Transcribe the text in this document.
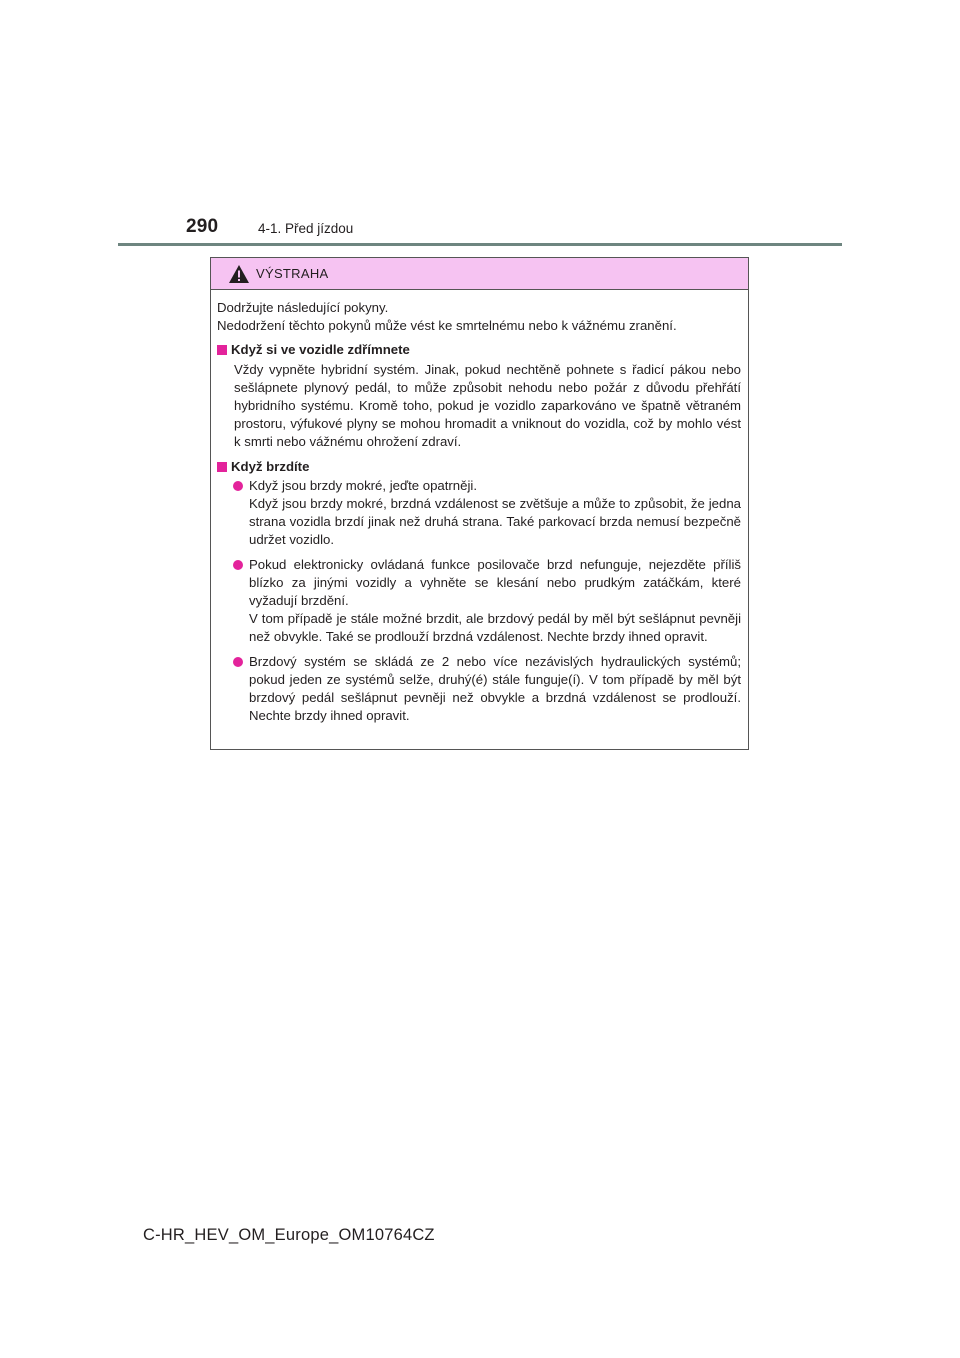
290	4-1. Před jízdou
VÝSTRAHA

Dodržujte následující pokyny.

Nedodržení těchto pokynů může vést ke smrtelnému nebo k vážnému zranění.

Když si ve vozidle zdřímnete

Vždy vypněte hybridní systém. Jinak, pokud nechtěně pohnete s řadicí pákou nebo sešlápnete plynový pedál, to může způsobit nehodu nebo požár z důvodu přehřátí hybridního systému. Kromě toho, pokud je vozidlo zaparkováno ve špatně větraném prostoru, výfukové plyny se mohou hromadit a vniknout do vozidla, což by mohlo vést k smrti nebo vážnému ohrožení zdraví.

Když brzdíte

Když jsou brzdy mokré, jeďte opatrněji.

Když jsou brzdy mokré, brzdná vzdálenost se zvětšuje a může to způsobit, že jedna strana vozidla brzdí jinak než druhá strana. Také parkovací brzda nemusí bezpečně udržet vozidlo.

Pokud elektronicky ovládaná funkce posilovače brzd nefunguje, nejezděte příliš blízko za jinými vozidly a vyhněte se klesání nebo prudkým zatáčkám, které vyžadují brzdění.

V tom případě je stále možné brzdit, ale brzdový pedál by měl být sešlápnut pevněji než obvykle. Také se prodlouží brzdná vzdálenost. Nechte brzdy ihned opravit.

Brzdový systém se skládá ze 2 nebo více nezávislých hydraulických systémů; pokud jeden ze systémů selže, druhý(é) stále funguje(í). V tom případě by měl být brzdový pedál sešlápnut pevněji než obvykle a brzdná vzdálenost se prodlouží. Nechte brzdy ihned opravit.

C-HR_HEV_OM_Europe_OM10764CZ
